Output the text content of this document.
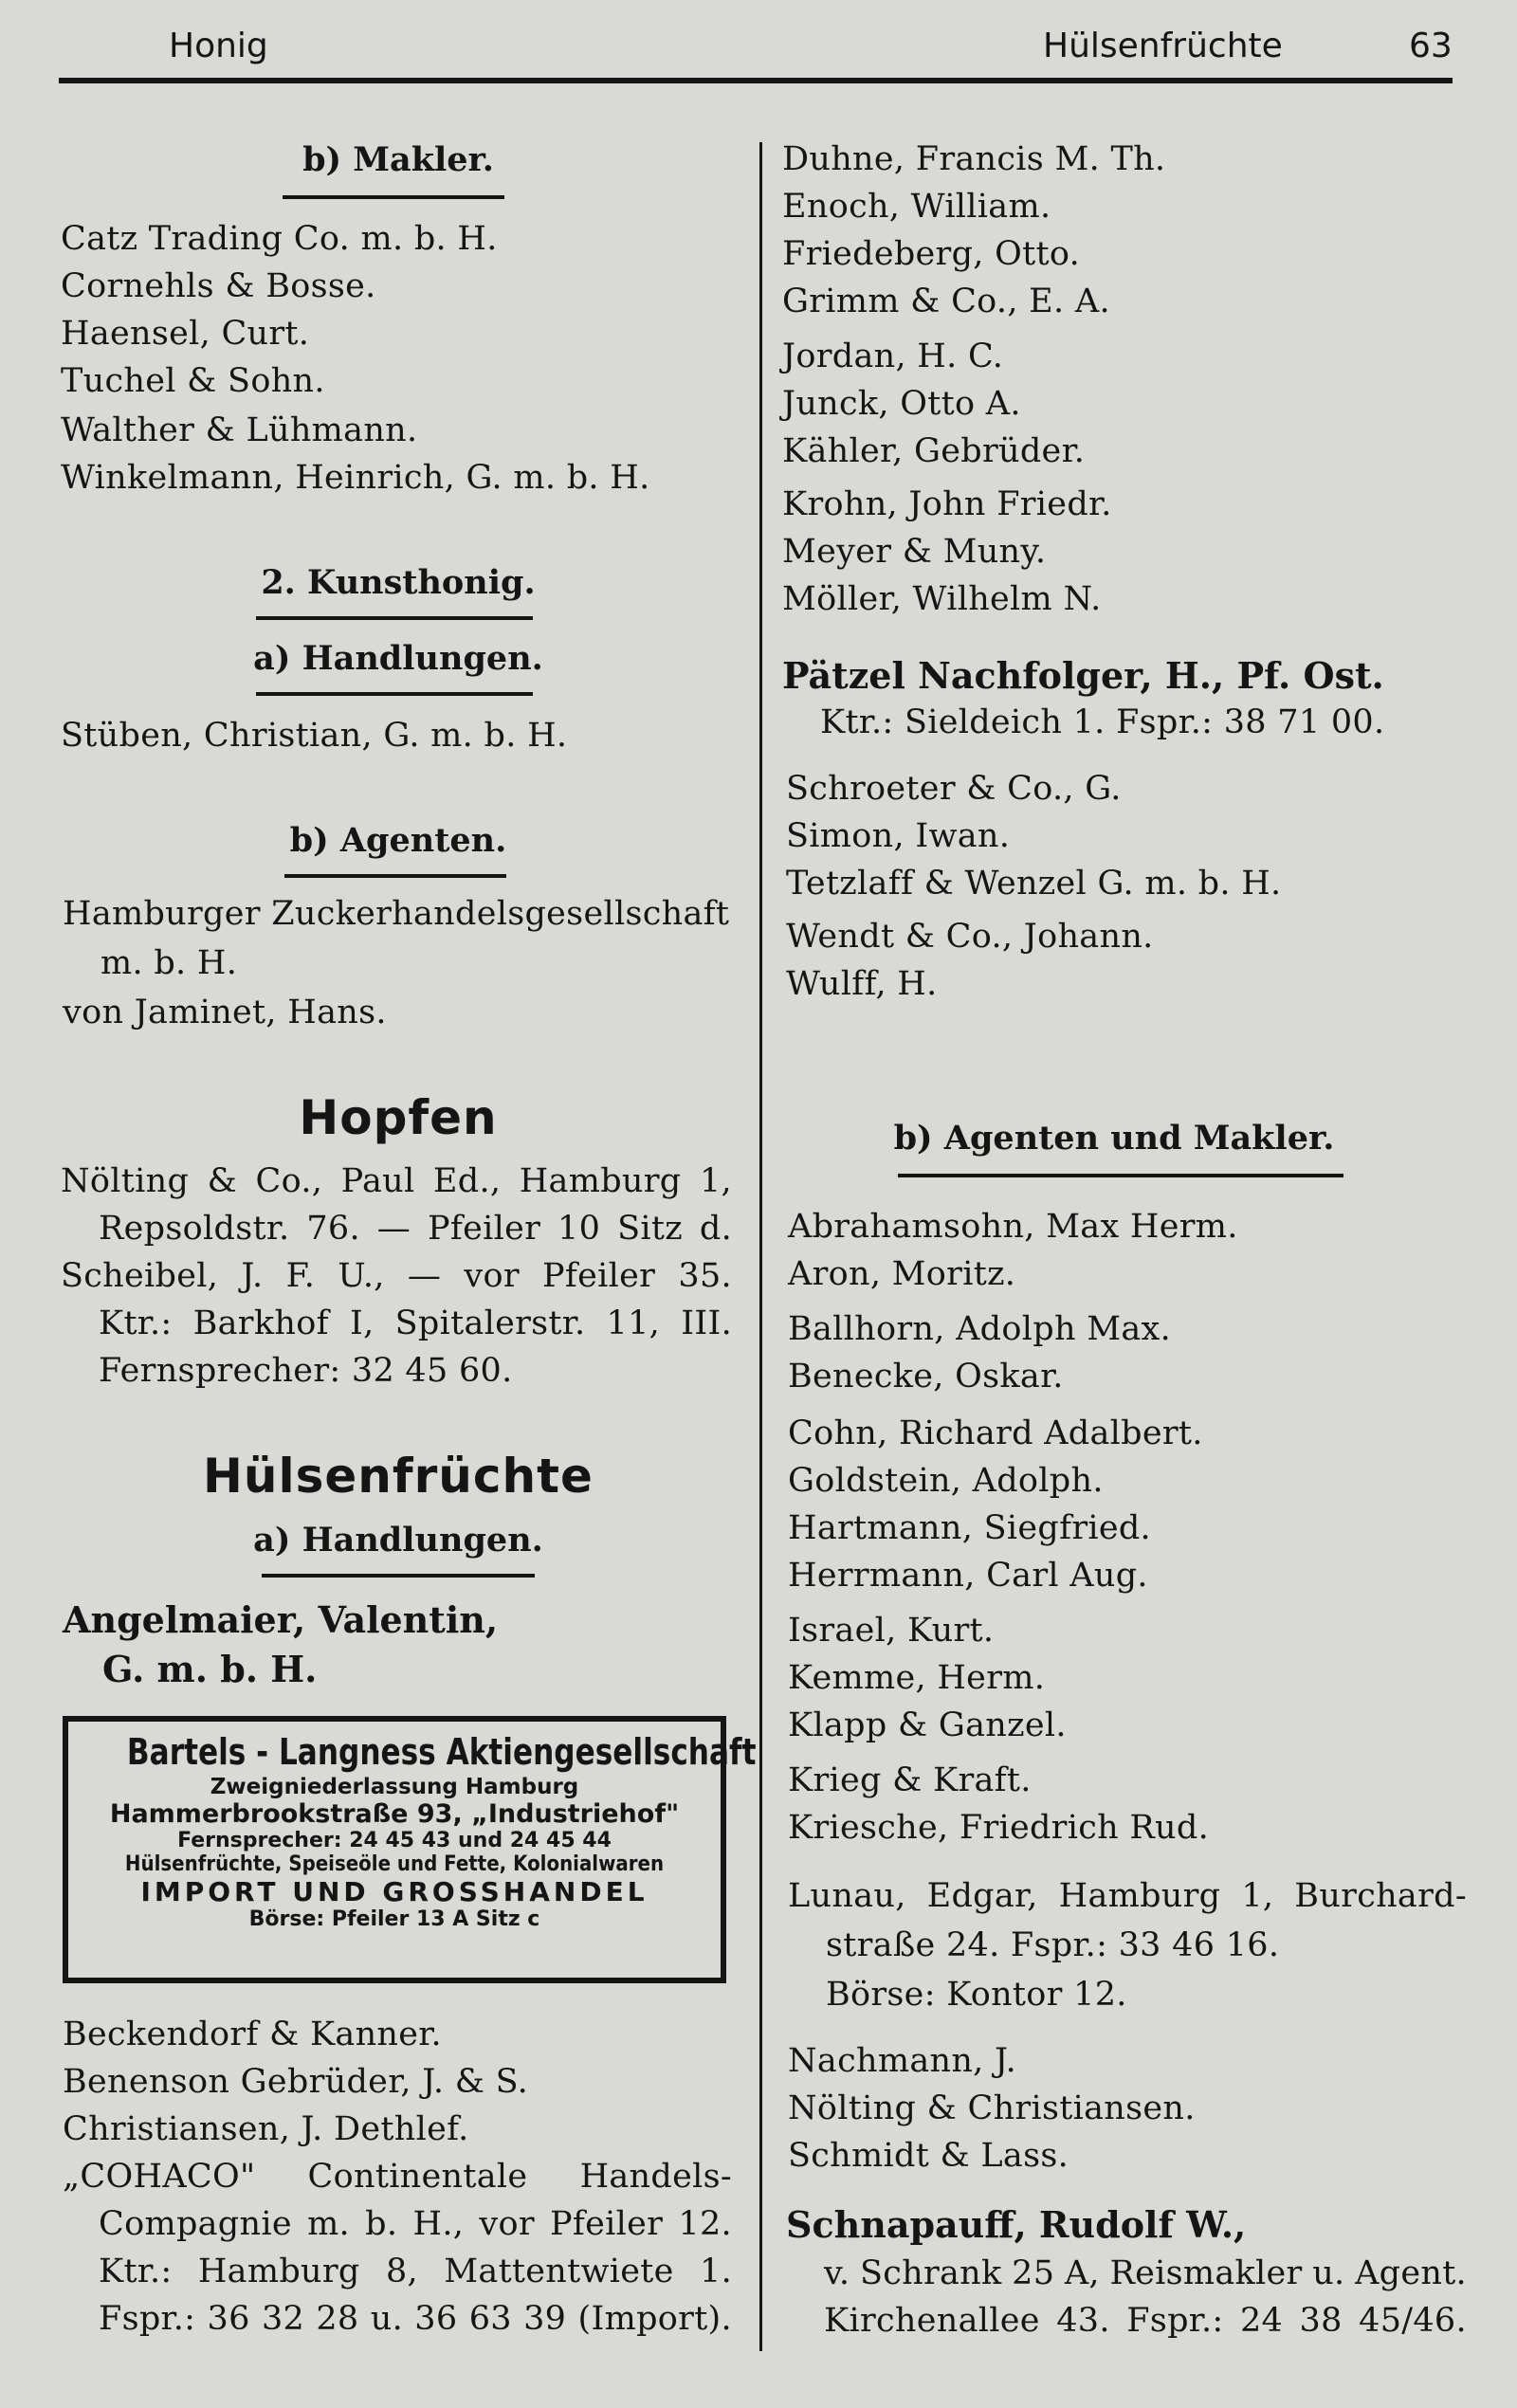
Honig	Hülsenfrüchte	63
b) Makler.
Catz Trading Co. m. b. H.
Cornehls & Bosse.
Haensel, Curt.
Tuchel & Sohn.
Walther & Lühmann.
Winkelmann, Heinrich, G. m. b. H.
2. Kunsthonig.
a) Handlungen.
Stüben, Christian, G. m. b. H.
b) Agenten.
Hamburger Zuckerhandelsgesellschaft
m. b. H.
von Jaminet, Hans.
Hopfen
Nölting & Co., Paul Ed., Hamburg 1,
Repsoldstr. 76. — Pfeiler 10 Sitz d.
Scheibel, J. F. U., — vor Pfeiler 35.
Ktr.: Barkhof I, Spitalerstr. 11, III.
Fernsprecher: 32 45 60.
Hülsenfrüchte
a) Handlungen.
Angelmaier, Valentin,
G. m. b. H.
Bartels - Langness Aktiengesellschaft
Zweigniederlassung Hamburg
Hammerbrookstraße 93, „Industriehof"
Fernsprecher: 24 45 43 und 24 45 44
Hülsenfrüchte, Speiseöle und Fette, Kolonialwaren
IMPORT UND GROSSHANDEL
Börse: Pfeiler 13 A Sitz c
Beckendorf & Kanner.
Benenson Gebrüder, J. & S.
Christiansen, J. Dethlef.
„COHACO" Continentale Handels-
Compagnie m. b. H., vor Pfeiler 12.
Ktr.: Hamburg 8, Mattentwiete 1.
Fspr.: 36 32 28 u. 36 63 39 (Import).
Duhne, Francis M. Th.
Enoch, William.
Friedeberg, Otto.
Grimm & Co., E. A.
Jordan, H. C.
Junck, Otto A.
Kähler, Gebrüder.
Krohn, John Friedr.
Meyer & Muny.
Möller, Wilhelm N.
Pätzel Nachfolger, H., Pf. Ost.
Ktr.: Sieldeich 1. Fspr.: 38 71 00.
Schroeter & Co., G.
Simon, Iwan.
Tetzlaff & Wenzel G. m. b. H.
Wendt & Co., Johann.
Wulff, H.
b) Agenten und Makler.
Abrahamsohn, Max Herm.
Aron, Moritz.
Ballhorn, Adolph Max.
Benecke, Oskar.
Cohn, Richard Adalbert.
Goldstein, Adolph.
Hartmann, Siegfried.
Herrmann, Carl Aug.
Israel, Kurt.
Kemme, Herm.
Klapp & Ganzel.
Krieg & Kraft.
Kriesche, Friedrich Rud.
Lunau, Edgar, Hamburg 1, Burchard-
straße 24. Fspr.: 33 46 16.
Börse: Kontor 12.
Nachmann, J.
Nölting & Christiansen.
Schmidt & Lass.
Schnapauff, Rudolf W.,
v. Schrank 25 A, Reismakler u. Agent.
Kirchenallee 43. Fspr.: 24 38 45/46.
